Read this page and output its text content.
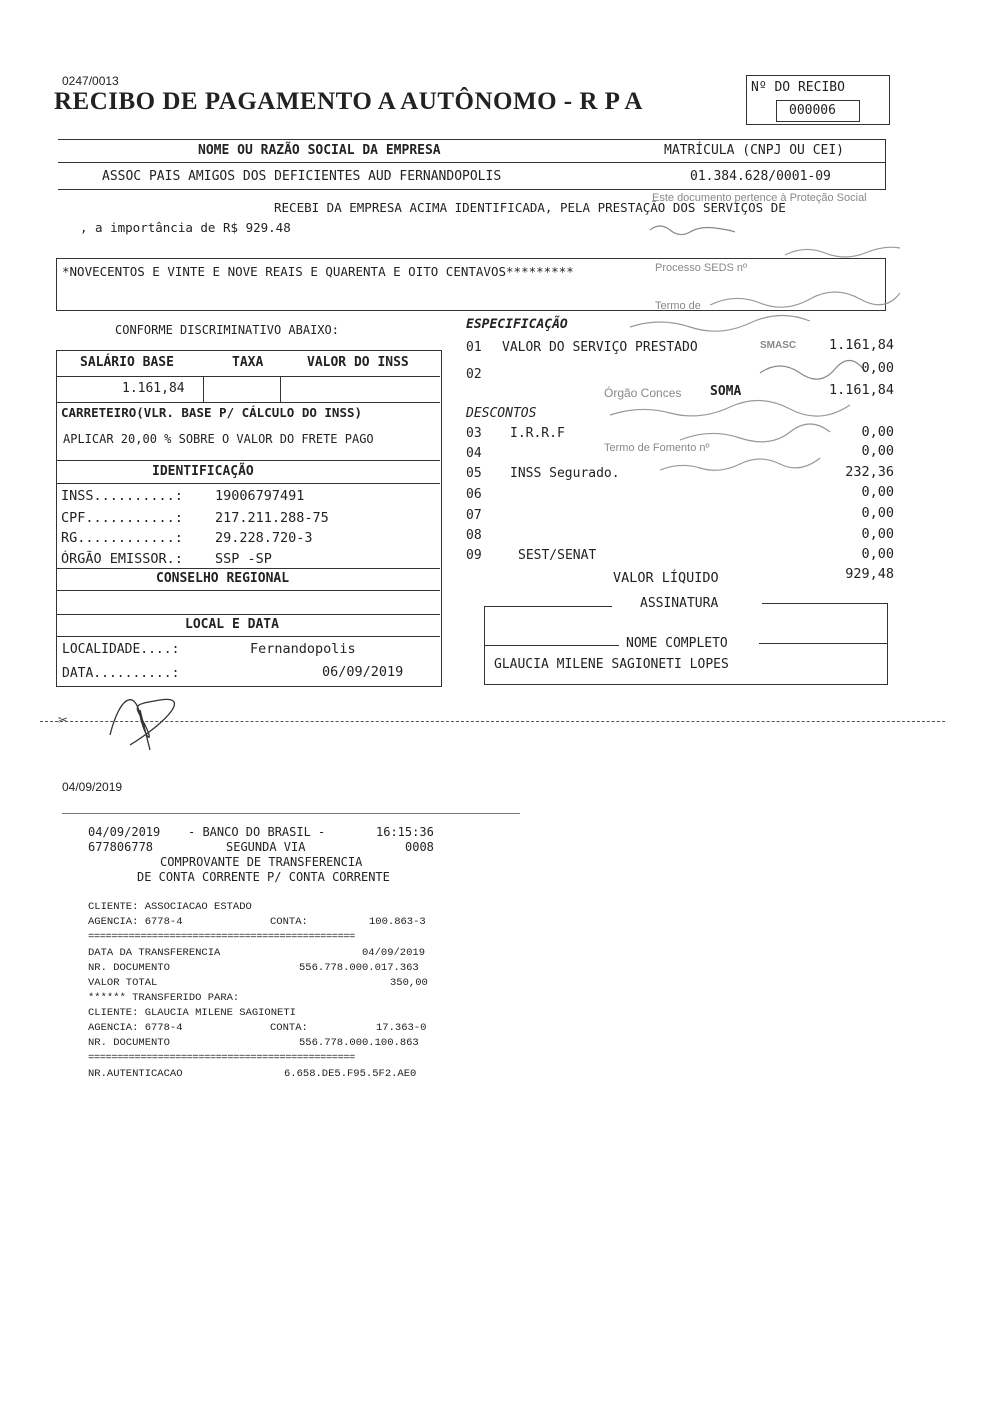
0247/0013
RECIBO DE PAGAMENTO A AUTÔNOMO - R P A
Nº DO RECIBO
000006
NOME OU RAZÃO SOCIAL DA EMPRESA	MATRÍCULA (CNPJ OU CEI)
ASSOC PAIS AMIGOS DOS DEFICIENTES AUD FERNANDOPOLIS	01.384.628/0001-09
RECEBI DA EMPRESA ACIMA IDENTIFICADA, PELA PRESTAÇÃO DOS SERVIÇOS DE
, a importância de R$ 929.48
*NOVECENTOS E VINTE E NOVE REAIS E QUARENTA E OITO CENTAVOS*********
Este documento pertence à Proteção Social
Processo SEDS nº
Termo de
SMASC
Órgão Conces
Termo de Fomento nº
CONFORME DISCRIMINATIVO ABAIXO:
SALÁRIO BASE	TAXA	VALOR DO INSS
1.161,84
CARRETEIRO(VLR. BASE P/ CÁLCULO DO INSS)
APLICAR 20,00 % SOBRE O VALOR DO FRETE PAGO
IDENTIFICAÇÃO
INSS..........: 19006797491
CPF...........: 217.211.288-75
RG............: 29.228.720-3
ÓRGÃO EMISSOR.: SSP -SP
CONSELHO REGIONAL
LOCAL E DATA
LOCALIDADE....:	Fernandopolis
DATA..........:	06/09/2019
ESPECIFICAÇÃO
01 VALOR DO SERVIÇO PRESTADO	1.161,84
02	0,00
SOMA	1.161,84
DESCONTOS
03 I.R.R.F	0,00
04	0,00
05 INSS Segurado.	232,36
06	0,00
07	0,00
08	0,00
09	SEST/SENAT	0,00
VALOR LÍQUIDO	929,48
ASSINATURA
NOME COMPLETO
GLAUCIA MILENE SAGIONETI LOPES
✂
04/09/2019
04/09/2019 - BANCO DO BRASIL -	16:15:36
677806778	SEGUNDA VIA	0008
COMPROVANTE DE TRANSFERENCIA
DE CONTA CORRENTE P/ CONTA CORRENTE
CLIENTE: ASSOCIACAO ESTADO
AGENCIA: 6778-4	CONTA:	100.863-3
==============================================
DATA DA TRANSFERENCIA	04/09/2019
NR. DOCUMENTO	556.778.000.017.363
VALOR TOTAL	350,00
****** TRANSFERIDO PARA:
CLIENTE: GLAUCIA MILENE SAGIONETI
AGENCIA: 6778-4	CONTA:	17.363-0
NR. DOCUMENTO	556.778.000.100.863
==============================================
NR.AUTENTICACAO	6.658.DE5.F95.5F2.AE0
